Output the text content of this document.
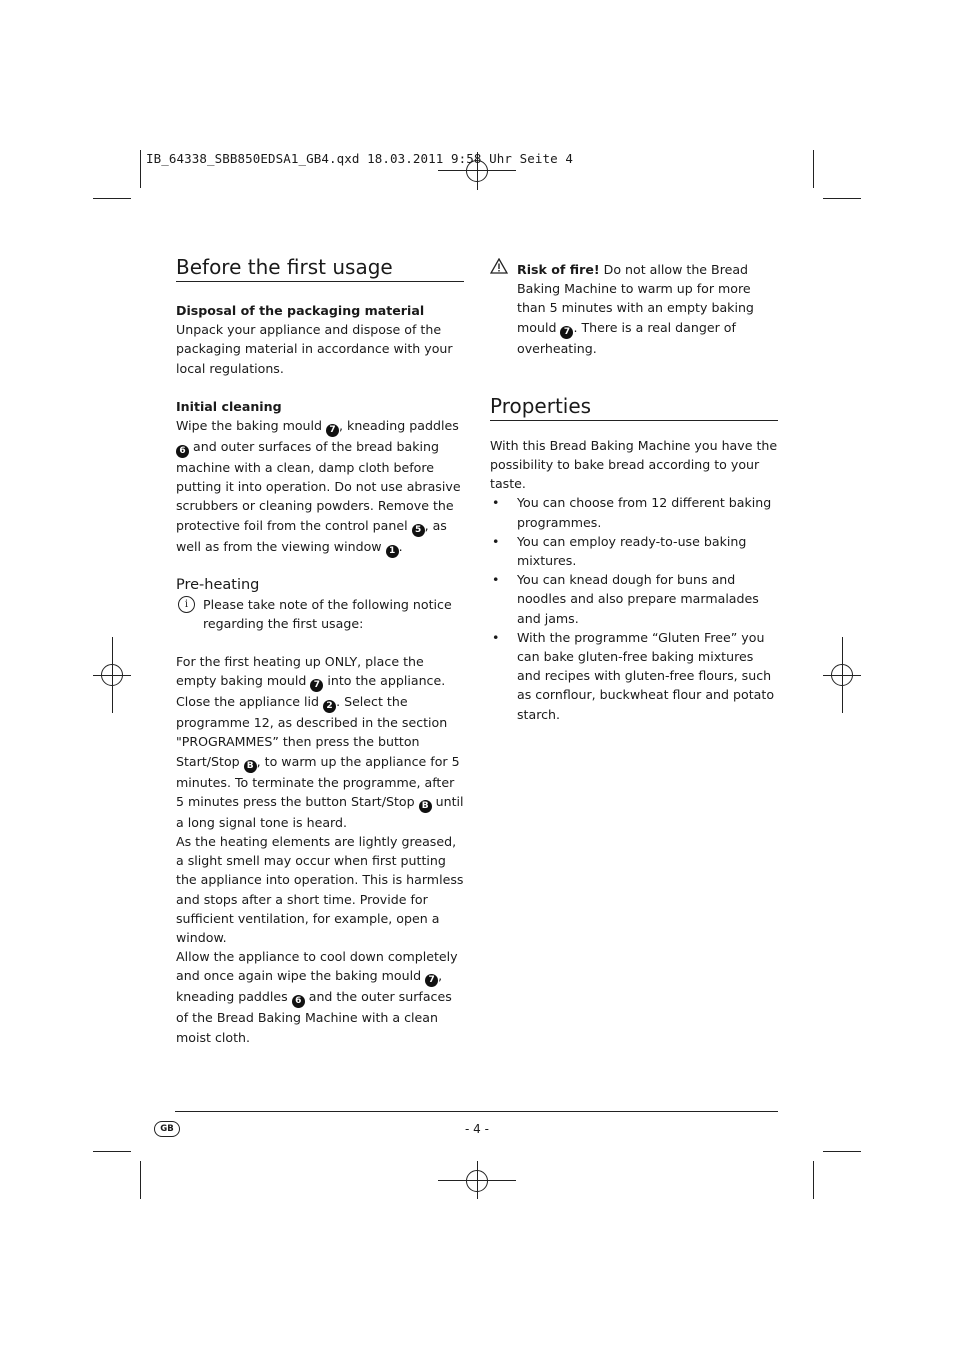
IB_64338_SBB850EDSA1_GB4.qxd 18.03.2011 9:58 Uhr Seite 4
Before the first usage

Disposal of the packaging material

Unpack your appliance and dispose of the packaging material in accordance with your local regulations.

Initial cleaning

Wipe the baking mould 7 , kneading paddles 6 and outer surfaces of the bread baking machine with a clean, damp cloth before putting it into operation. Do not use abrasive scrubbers or cleaning powders. Remove the protective foil from the control panel 5 , as well as from the viewing window 1 .

Pre-heating

i	Please take note of the following notice regarding the first usage:

For the first heating up ONLY, place the empty baking mould 7 into the appliance. Close the appliance lid 2 . Select the programme 12, as described in the section "PROGRAMMES” then press the button Start/Stop B , to warm up the appliance for 5 minutes. To terminate the programme, after 5 minutes press the button Start/Stop B until a long signal tone is heard.

As the heating elements are lightly greased, a slight smell may occur when first putting the appliance into operation. This is harmless and stops after a short time. Provide for sufficient ventilation, for example, open a window.

Allow the appliance to cool down completely and once again wipe the baking mould 7 , kneading paddles 6 and the outer surfaces of the Bread Baking Machine with a clean moist cloth.

Risk of fire! Do not allow the Bread Baking Machine to warm up for more than 5 minutes with an empty baking mould 7 . There is a real danger of overheating.
Properties

With this Bread Baking Machine you have the possibility to bake bread according to your taste.

• You can choose from 12 different baking programmes.
• You can employ ready-to-use baking mixtures.
• You can knead dough for buns and noodles and also prepare marmalades and jams.
• With the programme “Gluten Free” you can bake gluten-free baking mixtures and recipes with gluten-free flours, such as cornflour, buckwheat flour and potato starch.
GB	- 4 -
